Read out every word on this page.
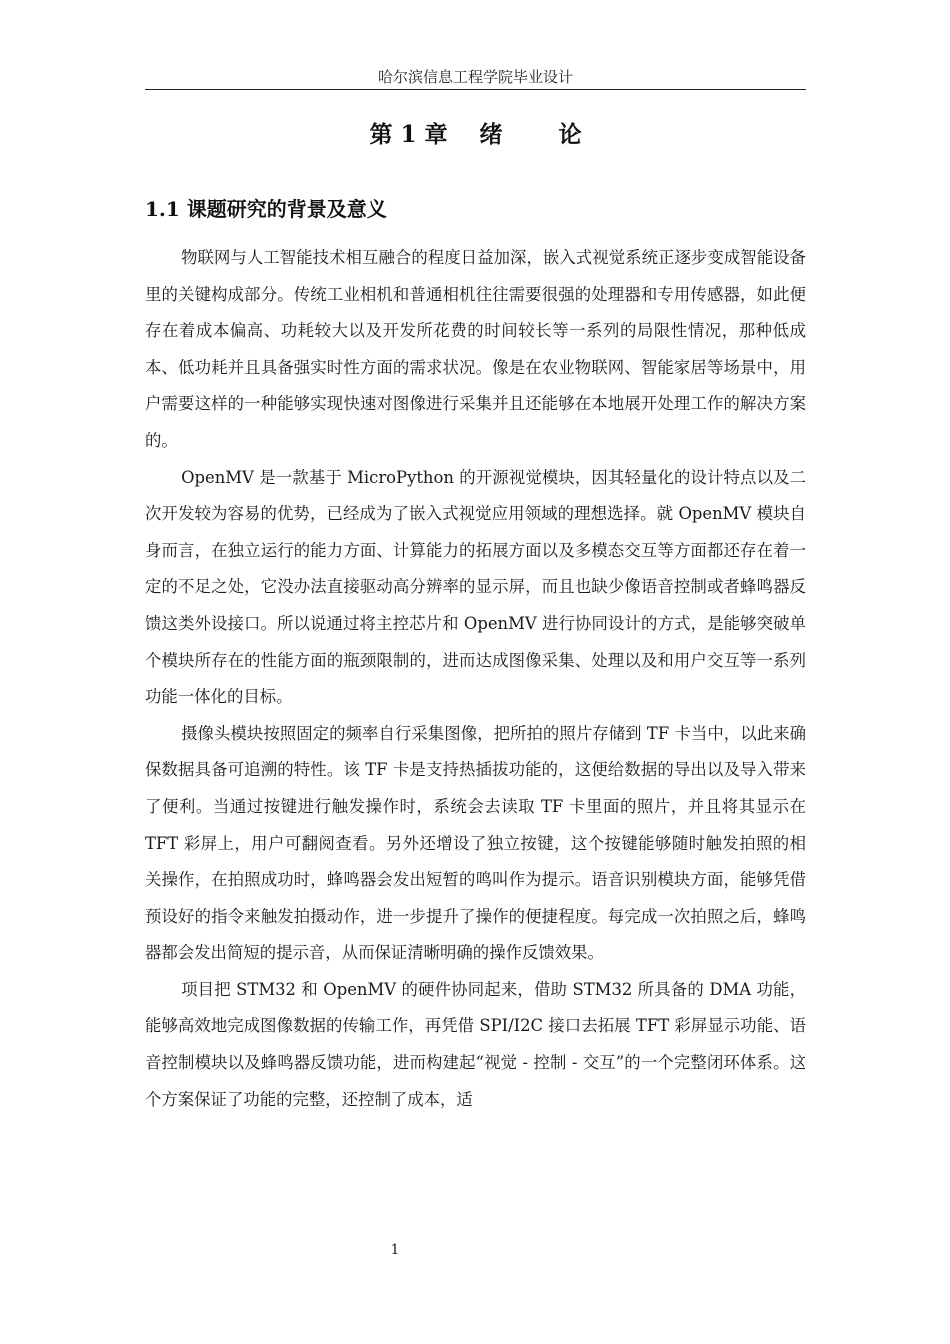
哈尔滨信息工程学院毕业设计
第 1 章    绪       论
1.1 课题研究的背景及意义

物联网与人工智能技术相互融合的程度日益加深，嵌入式视觉系统正逐步变成智能设备里的关键构成部分。传统工业相机和普通相机往往需要很强的处理器和专用传感器，如此便存在着成本偏高、功耗较大以及开发所花费的时间较长等一系列的局限性情况，那种低成本、低功耗并且具备强实时性方面的需求状况。像是在农业物联网、智能家居等场景中，用户需要这样的一种能够实现快速对图像进行采集并且还能够在本地展开处理工作的解决方案的。

OpenMV 是一款基于 MicroPython 的开源视觉模块，因其轻量化的设计特点以及二次开发较为容易的优势，已经成为了嵌入式视觉应用领域的理想选择。就 OpenMV 模块自身而言，在独立运行的能力方面、计算能力的拓展方面以及多模态交互等方面都还存在着一定的不足之处，它没办法直接驱动高分辨率的显示屏，而且也缺少像语音控制或者蜂鸣器反馈这类外设接口。所以说通过将主控芯片和 OpenMV 进行协同设计的方式，是能够突破单个模块所存在的性能方面的瓶颈限制的，进而达成图像采集、处理以及和用户交互等一系列功能一体化的目标。

摄像头模块按照固定的频率自行采集图像，把所拍的照片存储到 TF 卡当中，以此来确保数据具备可追溯的特性。该 TF 卡是支持热插拔功能的，这便给数据的导出以及导入带来了便利。当通过按键进行触发操作时，系统会去读取 TF 卡里面的照片，并且将其显示在 TFT 彩屏上，用户可翻阅查看。另外还增设了独立按键，这个按键能够随时触发拍照的相关操作，在拍照成功时，蜂鸣器会发出短暂的鸣叫作为提示。语音识别模块方面，能够凭借预设好的指令来触发拍摄动作，进一步提升了操作的便捷程度。每完成一次拍照之后，蜂鸣器都会发出简短的提示音，从而保证清晰明确的操作反馈效果。

项目把 STM32 和 OpenMV 的硬件协同起来，借助 STM32 所具备的 DMA 功能，能够高效地完成图像数据的传输工作，再凭借 SPI/I2C 接口去拓展 TFT 彩屏显示功能、语音控制模块以及蜂鸣器反馈功能，进而构建起“视觉 - 控制 - 交互”的一个完整闭环体系。这个方案保证了功能的完整，还控制了成本，适

1
